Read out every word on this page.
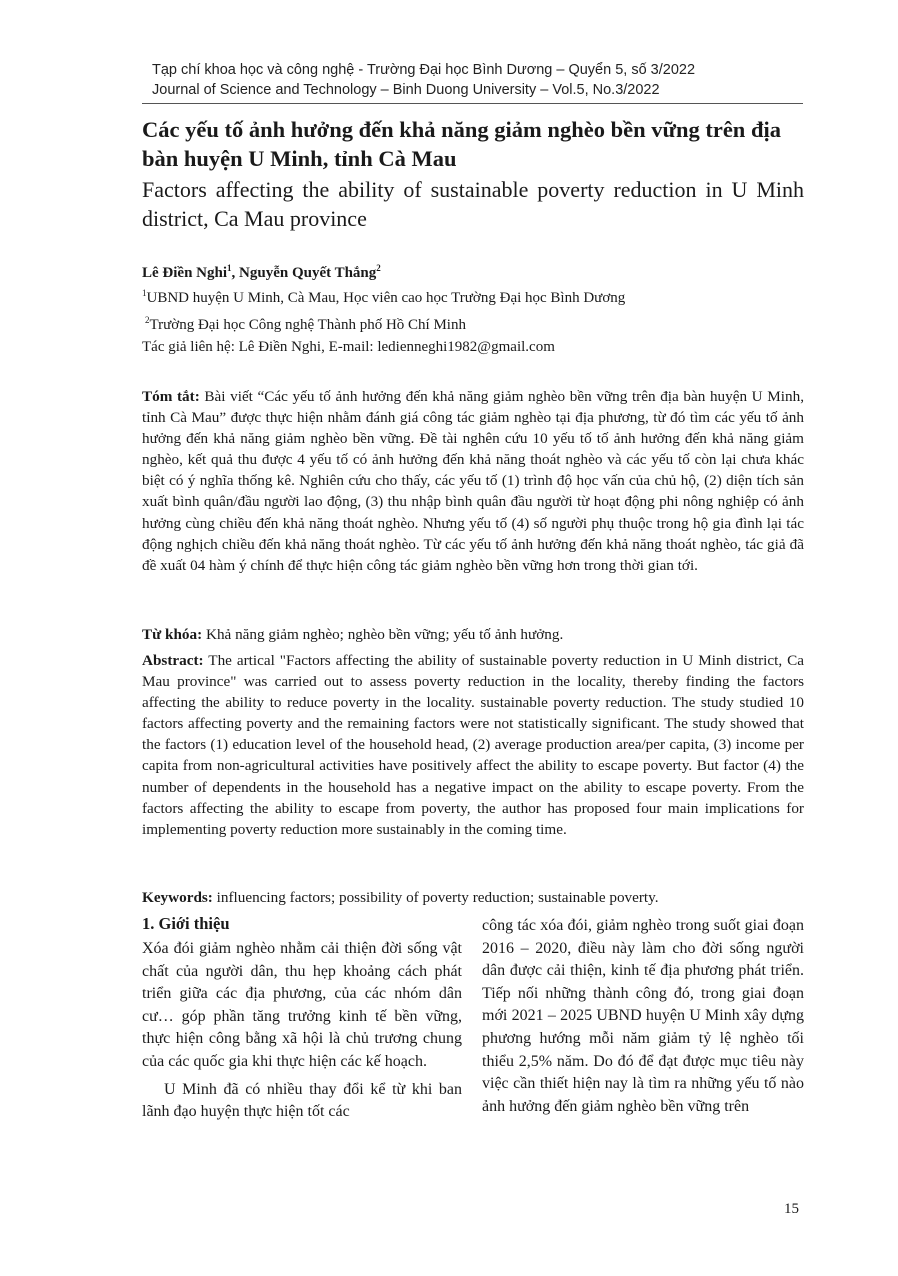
Tạp chí khoa học và công nghệ - Trường Đại học Bình Dương – Quyển 5, số 3/2022
Journal of Science and Technology – Binh Duong University – Vol.5, No.3/2022
Các yếu tố ảnh hưởng đến khả năng giảm nghèo bền vững trên địa bàn huyện U Minh, tỉnh Cà Mau
Factors affecting the ability of sustainable poverty reduction in U Minh district, Ca Mau province
Lê Điền Nghi$^1$, Nguyễn Quyết Thắng$^2$
$^1$UBND huyện U Minh, Cà Mau, Học viên cao học Trường Đại học Bình Dương
$^2$Trường Đại học Công nghệ Thành phố Hồ Chí Minh
Tác giả liên hệ: Lê Điền Nghi, E-mail: ledienneghi1982@gmail.com
Tóm tắt: Bài viết “Các yếu tố ảnh hưởng đến khả năng giảm nghèo bền vững trên địa bàn huyện U Minh, tỉnh Cà Mau” được thực hiện nhằm đánh giá công tác giảm nghèo tại địa phương, từ đó tìm các yếu tố ảnh hưởng đến khả năng giảm nghèo bền vững. Đề tài nghên cứu 10 yếu tố tố ảnh hưởng đến khả năng giảm nghèo, kết quả thu được 4 yếu tố có ảnh hưởng đến khả năng thoát nghèo và các yếu tố còn lại chưa khác biệt có ý nghĩa thống kê. Nghiên cứu cho thấy, các yếu tố (1) trình độ học vấn của chủ hộ, (2) diện tích sản xuất bình quân/đầu người lao động, (3) thu nhập bình quân đầu người từ hoạt động phi nông nghiệp có ảnh hưởng cùng chiều đến khả năng thoát nghèo. Nhưng yếu tố (4) số người phụ thuộc trong hộ gia đình lại tác động nghịch chiều đến khả năng thoát nghèo. Từ các yếu tố ảnh hưởng đến khả năng thoát nghèo, tác giả đã đề xuất 04 hàm ý chính để thực hiện công tác giảm nghèo bền vững hơn trong thời gian tới.
Từ khóa: Khả năng giảm nghèo; nghèo bền vững; yếu tố ảnh hưởng.
Abstract: The artical "Factors affecting the ability of sustainable poverty reduction in U Minh district, Ca Mau province" was carried out to assess poverty reduction in the locality, thereby finding the factors affecting the ability to reduce poverty in the locality. sustainable poverty reduction. The study studied 10 factors affecting poverty and the remaining factors were not statistically significant. The study showed that the factors (1) education level of the household head, (2) average production area/per capita, (3) income per capita from non-agricultural activities have positively affect the ability to escape poverty. But factor (4) the number of dependents in the household has a negative impact on the ability to escape poverty. From the factors affecting the ability to escape from poverty, the author has proposed four main implications for implementing poverty reduction more sustainably in the coming time.
Keywords: influencing factors; possibility of poverty reduction; sustainable poverty.
1. Giới thiệu

Xóa đói giảm nghèo nhằm cải thiện đời sống vật chất của người dân, thu hẹp khoảng cách phát triển giữa các địa phương, của các nhóm dân cư… góp phần tăng trưởng kinh tế bền vững, thực hiện công bằng xã hội là chủ trương chung của các quốc gia khi thực hiện các kế hoạch.

U Minh đã có nhiều thay đổi kể từ khi ban lãnh đạo huyện thực hiện tốt các

công tác xóa đói, giảm nghèo trong suốt giai đoạn 2016 – 2020, điều này làm cho đời sống người dân được cải thiện, kinh tế địa phương phát triển. Tiếp nối những thành công đó, trong giai đoạn mới 2021 – 2025 UBND huyện U Minh xây dựng phương hướng mỗi năm giảm tỷ lệ nghèo tối thiểu 2,5% năm. Do đó để đạt được mục tiêu này việc cần thiết hiện nay là tìm ra những yếu tố nào ảnh hưởng đến giảm nghèo bền vững trên

15
